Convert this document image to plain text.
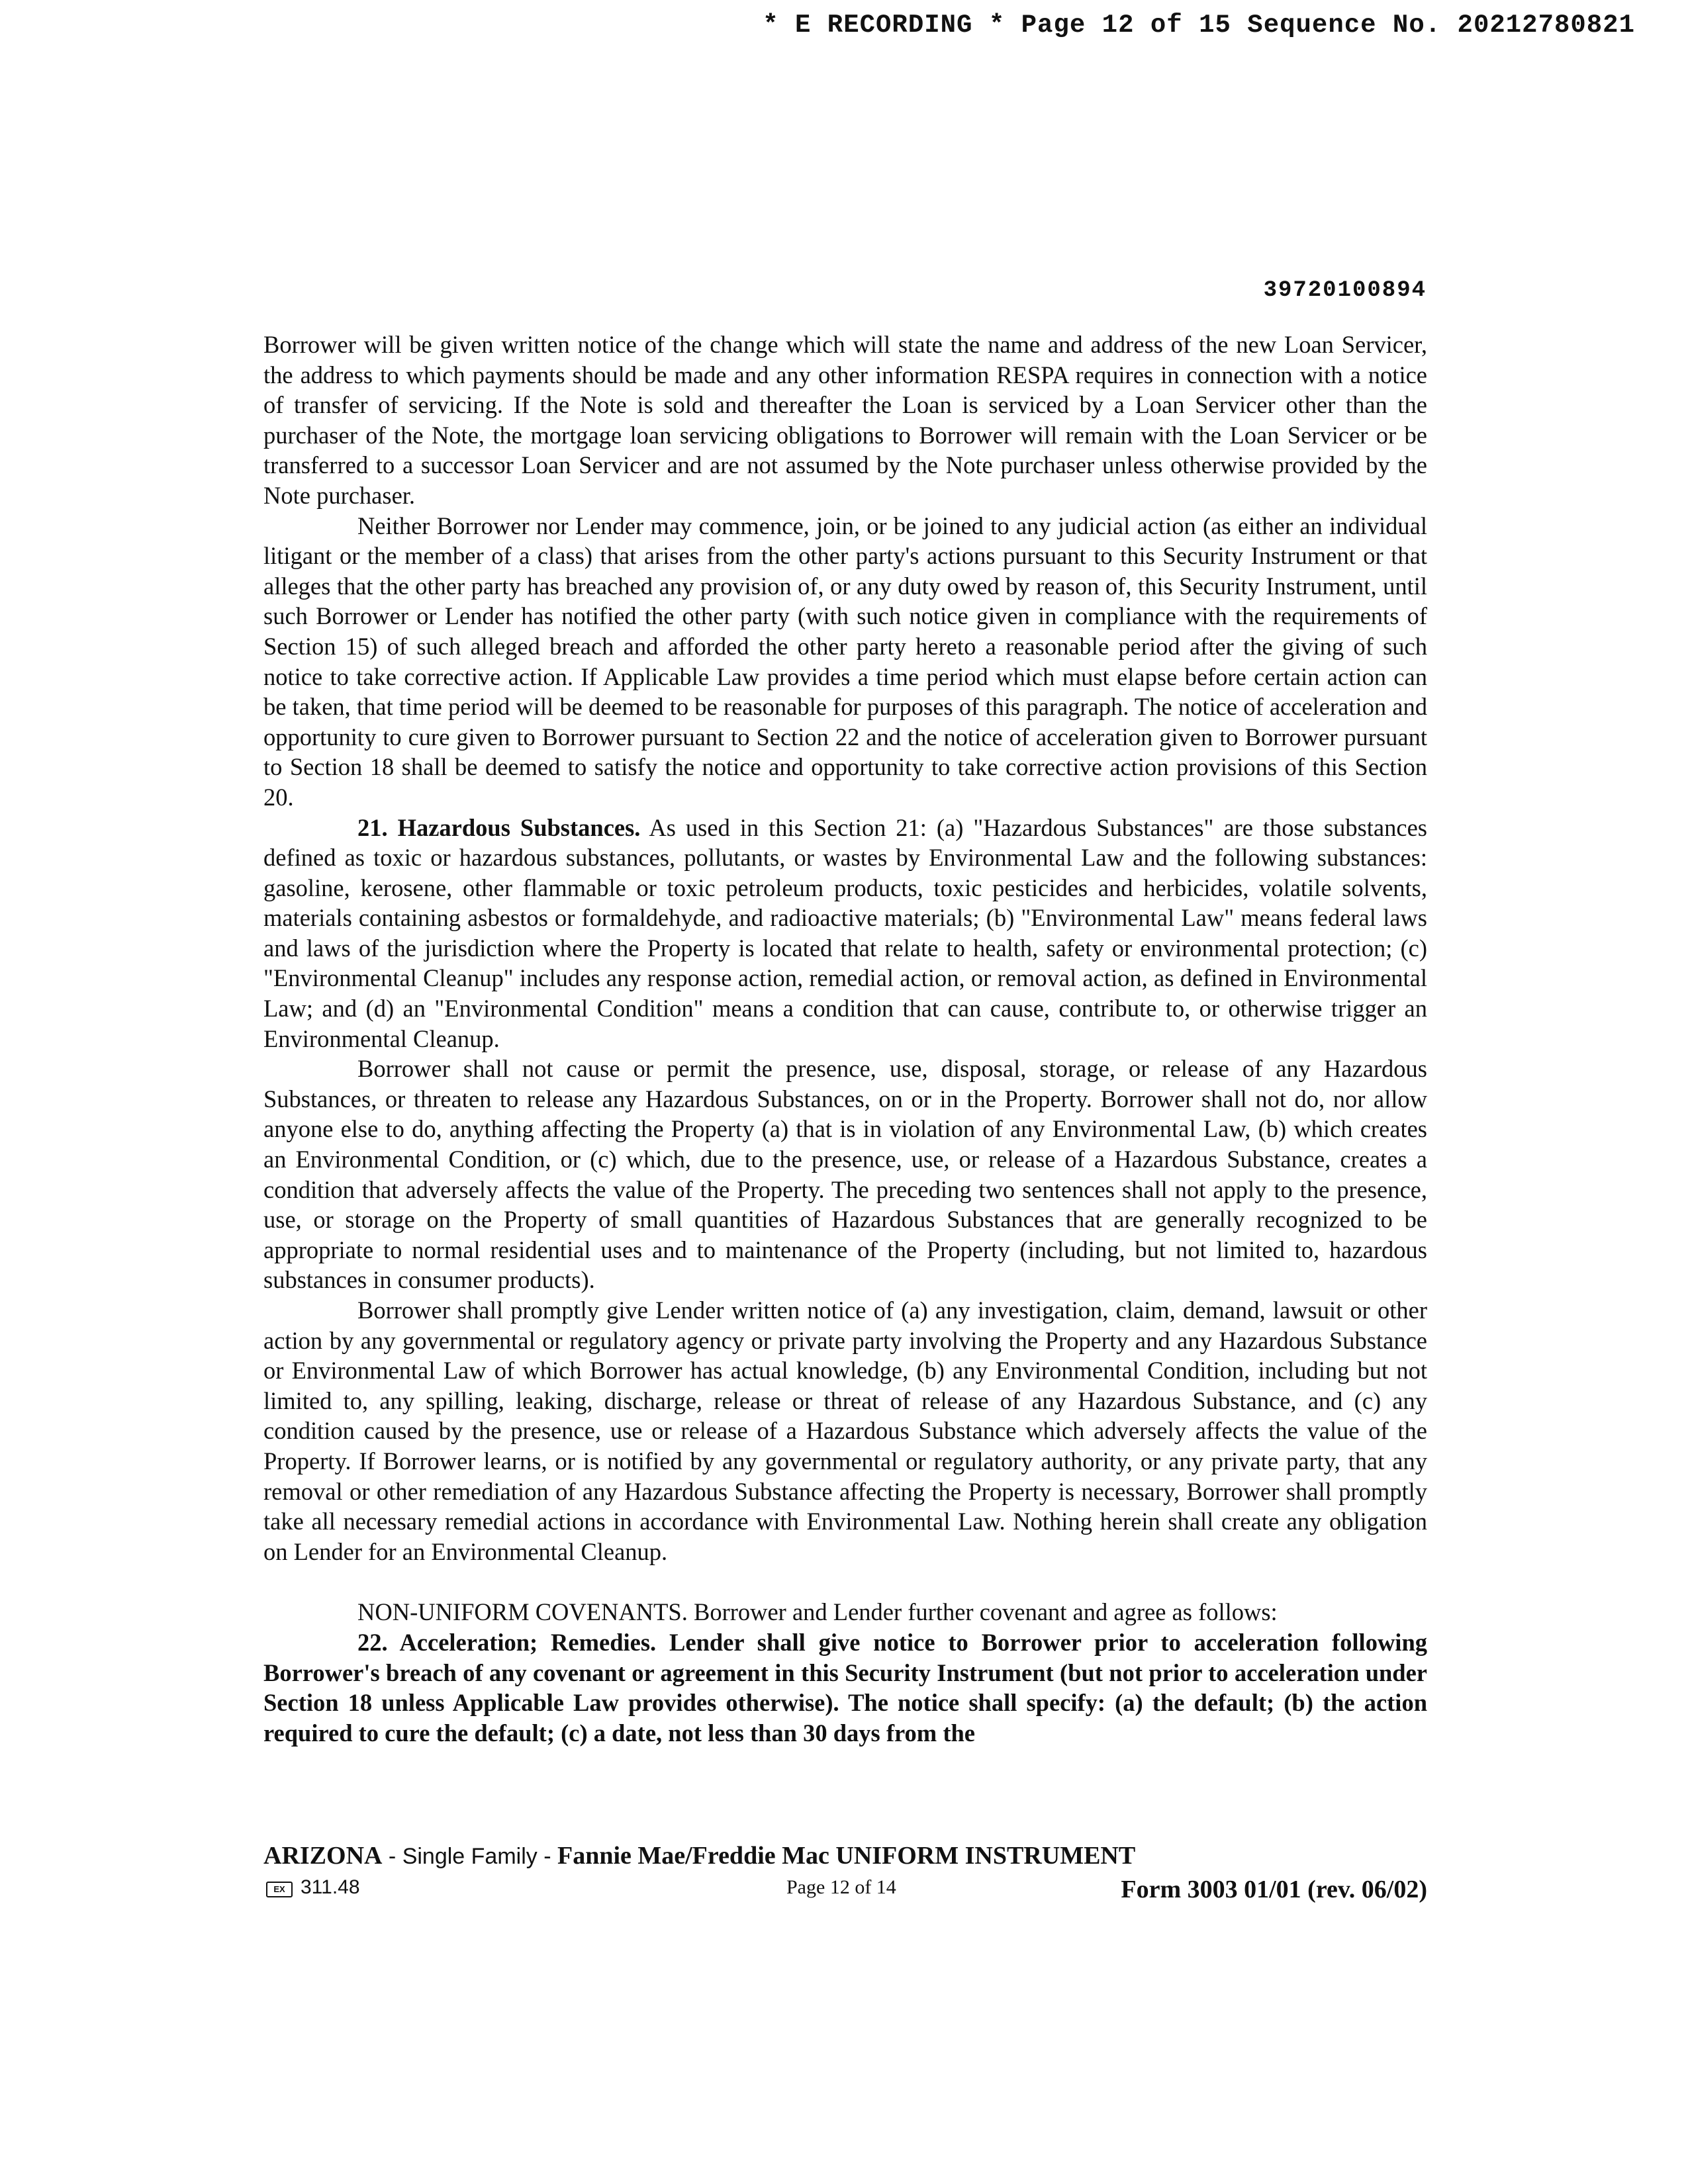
* E RECORDING * Page 12 of 15 Sequence No. 20212780821
39720100894

Borrower will be given written notice of the change which will state the name and address of the new Loan Servicer, the address to which payments should be made and any other information RESPA requires in connection with a notice of transfer of servicing. If the Note is sold and thereafter the Loan is serviced by a Loan Servicer other than the purchaser of the Note, the mortgage loan servicing obligations to Borrower will remain with the Loan Servicer or be transferred to a successor Loan Servicer and are not assumed by the Note purchaser unless otherwise provided by the Note purchaser.

Neither Borrower nor Lender may commence, join, or be joined to any judicial action (as either an individual litigant or the member of a class) that arises from the other party's actions pursuant to this Security Instrument or that alleges that the other party has breached any provision of, or any duty owed by reason of, this Security Instrument, until such Borrower or Lender has notified the other party (with such notice given in compliance with the requirements of Section 15) of such alleged breach and afforded the other party hereto a reasonable period after the giving of such notice to take corrective action. If Applicable Law provides a time period which must elapse before certain action can be taken, that time period will be deemed to be reasonable for purposes of this paragraph. The notice of acceleration and opportunity to cure given to Borrower pursuant to Section 22 and the notice of acceleration given to Borrower pursuant to Section 18 shall be deemed to satisfy the notice and opportunity to take corrective action provisions of this Section 20.

21. Hazardous Substances. As used in this Section 21: (a) "Hazardous Substances" are those substances defined as toxic or hazardous substances, pollutants, or wastes by Environmental Law and the following substances: gasoline, kerosene, other flammable or toxic petroleum products, toxic pesticides and herbicides, volatile solvents, materials containing asbestos or formaldehyde, and radioactive materials; (b) "Environmental Law" means federal laws and laws of the jurisdiction where the Property is located that relate to health, safety or environmental protection; (c) "Environmental Cleanup" includes any response action, remedial action, or removal action, as defined in Environmental Law; and (d) an "Environmental Condition" means a condition that can cause, contribute to, or otherwise trigger an Environmental Cleanup.

Borrower shall not cause or permit the presence, use, disposal, storage, or release of any Hazardous Substances, or threaten to release any Hazardous Substances, on or in the Property. Borrower shall not do, nor allow anyone else to do, anything affecting the Property (a) that is in violation of any Environmental Law, (b) which creates an Environmental Condition, or (c) which, due to the presence, use, or release of a Hazardous Substance, creates a condition that adversely affects the value of the Property. The preceding two sentences shall not apply to the presence, use, or storage on the Property of small quantities of Hazardous Substances that are generally recognized to be appropriate to normal residential uses and to maintenance of the Property (including, but not limited to, hazardous substances in consumer products).

Borrower shall promptly give Lender written notice of (a) any investigation, claim, demand, lawsuit or other action by any governmental or regulatory agency or private party involving the Property and any Hazardous Substance or Environmental Law of which Borrower has actual knowledge, (b) any Environmental Condition, including but not limited to, any spilling, leaking, discharge, release or threat of release of any Hazardous Substance, and (c) any condition caused by the presence, use or release of a Hazardous Substance which adversely affects the value of the Property. If Borrower learns, or is notified by any governmental or regulatory authority, or any private party, that any removal or other remediation of any Hazardous Substance affecting the Property is necessary, Borrower shall promptly take all necessary remedial actions in accordance with Environmental Law. Nothing herein shall create any obligation on Lender for an Environmental Cleanup.

NON-UNIFORM COVENANTS. Borrower and Lender further covenant and agree as follows:

22. Acceleration; Remedies. Lender shall give notice to Borrower prior to acceleration following Borrower's breach of any covenant or agreement in this Security Instrument (but not prior to acceleration under Section 18 unless Applicable Law provides otherwise). The notice shall specify: (a) the default; (b) the action required to cure the default; (c) a date, not less than 30 days from the

ARIZONA - Single Family - Fannie Mae/Freddie Mac UNIFORM INSTRUMENT
EX 311.48	Page 12 of 14	Form 3003 01/01 (rev. 06/02)
